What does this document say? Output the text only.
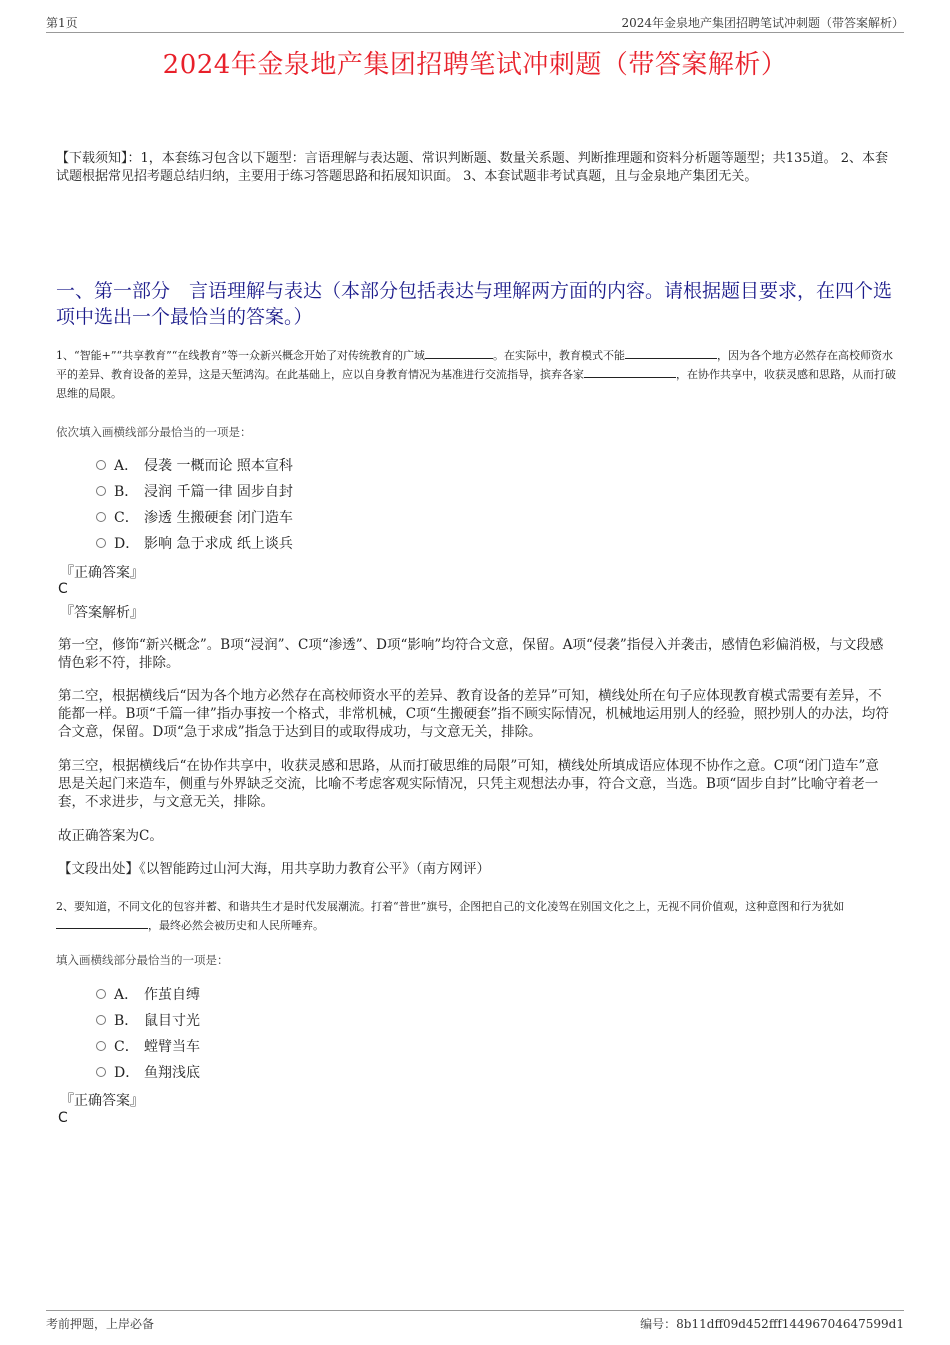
第1页	2024年金泉地产集团招聘笔试冲刺题（带答案解析）
2024年金泉地产集团招聘笔试冲刺题（带答案解析）
【下载须知】：1，本套练习包含以下题型：言语理解与表达题、常识判断题、数量关系题、判断推理题和资料分析题等题型；共135道。 2、本套试题根据常见招考题总结归纳，主要用于练习答题思路和拓展知识面。 3、本套试题非考试真题，且与金泉地产集团无关。
一、第一部分　言语理解与表达（本部分包括表达与理解两方面的内容。请根据题目要求，在四个选项中选出一个最恰当的答案。）
1、“智能+”“共享教育”“在线教育”等一众新兴概念开始了对传统教育的广域	。在实际中，教育模式不能	，因为各个地方必然存在高校师资水平的差异、教育设备的差异，这是天堑鸿沟。在此基础上，应以自身教育情况为基准进行交流指导，摈弃各家	，在协作共享中，收获灵感和思路，从而打破思维的局限。
依次填入画横线部分最恰当的一项是：
A． 侵袭 一概而论 照本宣科
B． 浸润 千篇一律 固步自封
C． 渗透 生搬硬套 闭门造车
D． 影响 急于求成 纸上谈兵
『正确答案』
C
『答案解析』
第一空，修饰“新兴概念”。B项“浸润”、C项“渗透”、D项“影响”均符合文意，保留。A项“侵袭”指侵入并袭击，感情色彩偏消极，与文段感情色彩不符，排除。
第二空，根据横线后“因为各个地方必然存在高校师资水平的差异、教育设备的差异”可知，横线处所在句子应体现教育模式需要有差异，不能都一样。B项“千篇一律”指办事按一个格式，非常机械，C项“生搬硬套”指不顾实际情况，机械地运用别人的经验，照抄别人的办法，均符合文意，保留。D项“急于求成”指急于达到目的或取得成功，与文意无关，排除。
第三空，根据横线后“在协作共享中，收获灵感和思路，从而打破思维的局限”可知，横线处所填成语应体现不协作之意。C项“闭门造车”意思是关起门来造车，侧重与外界缺乏交流，比喻不考虑客观实际情况，只凭主观想法办事，符合文意，当选。B项“固步自封”比喻守着老一套，不求进步，与文意无关，排除。
故正确答案为C。
【文段出处】《以智能跨过山河大海，用共享助力教育公平》（南方网评）
2、要知道，不同文化的包容并蓄、和谐共生才是时代发展潮流。打着“普世”旗号，企图把自己的文化凌驾在别国文化之上，无视不同价值观，这种意图和行为犹如，最终必然会被历史和人民所唾弃。
填入画横线部分最恰当的一项是：
A． 作茧自缚
B． 鼠目寸光
C． 螳臂当车
D． 鱼翔浅底
『正确答案』
C
考前押题，上岸必备	编号：8b11dff09d452fff14496704647599d1
